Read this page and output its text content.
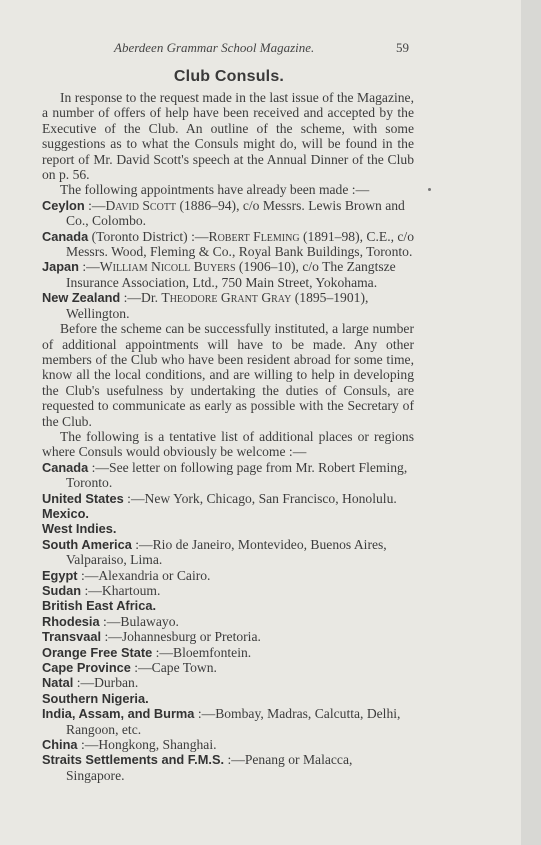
Aberdeen Grammar School Magazine.	59
Club Consuls.

In response to the request made in the last issue of the Magazine, a number of offers of help have been received and accepted by the Executive of the Club. An outline of the scheme, with some suggestions as to what the Consuls might do, will be found in the report of Mr. David Scott's speech at the Annual Dinner of the Club on p. 56.

The following appointments have already been made :—

Ceylon :—David Scott (1886–94), c/o Messrs. Lewis Brown and Co., Colombo.

Canada (Toronto District) :—Robert Fleming (1891–98), C.E., c/o Messrs. Wood, Fleming & Co., Royal Bank Buildings, Toronto.

Japan :—William Nicoll Buyers (1906–10), c/o The Zangtsze Insurance Association, Ltd., 750 Main Street, Yokohama.

New Zealand :—Dr. Theodore Grant Gray (1895–1901), Wellington.

Before the scheme can be successfully instituted, a large number of additional appointments will have to be made. Any other members of the Club who have been resident abroad for some time, know all the local conditions, and are willing to help in developing the Club's usefulness by undertaking the duties of Consuls, are requested to communicate as early as possible with the Secretary of the Club.

The following is a tentative list of additional places or regions where Consuls would obviously be welcome :—

Canada :—See letter on following page from Mr. Robert Fleming, Toronto.

United States :—New York, Chicago, San Francisco, Honolulu.

Mexico.

West Indies.

South America :—Rio de Janeiro, Montevideo, Buenos Aires, Valparaiso, Lima.

Egypt :—Alexandria or Cairo.

Sudan :—Khartoum.

British East Africa.

Rhodesia :—Bulawayo.

Transvaal :—Johannesburg or Pretoria.

Orange Free State :—Bloemfontein.

Cape Province :—Cape Town.

Natal :—Durban.

Southern Nigeria.

India, Assam, and Burma :—Bombay, Madras, Calcutta, Delhi, Rangoon, etc.

China :—Hongkong, Shanghai.

Straits Settlements and F.M.S. :—Penang or Malacca, Singapore.
